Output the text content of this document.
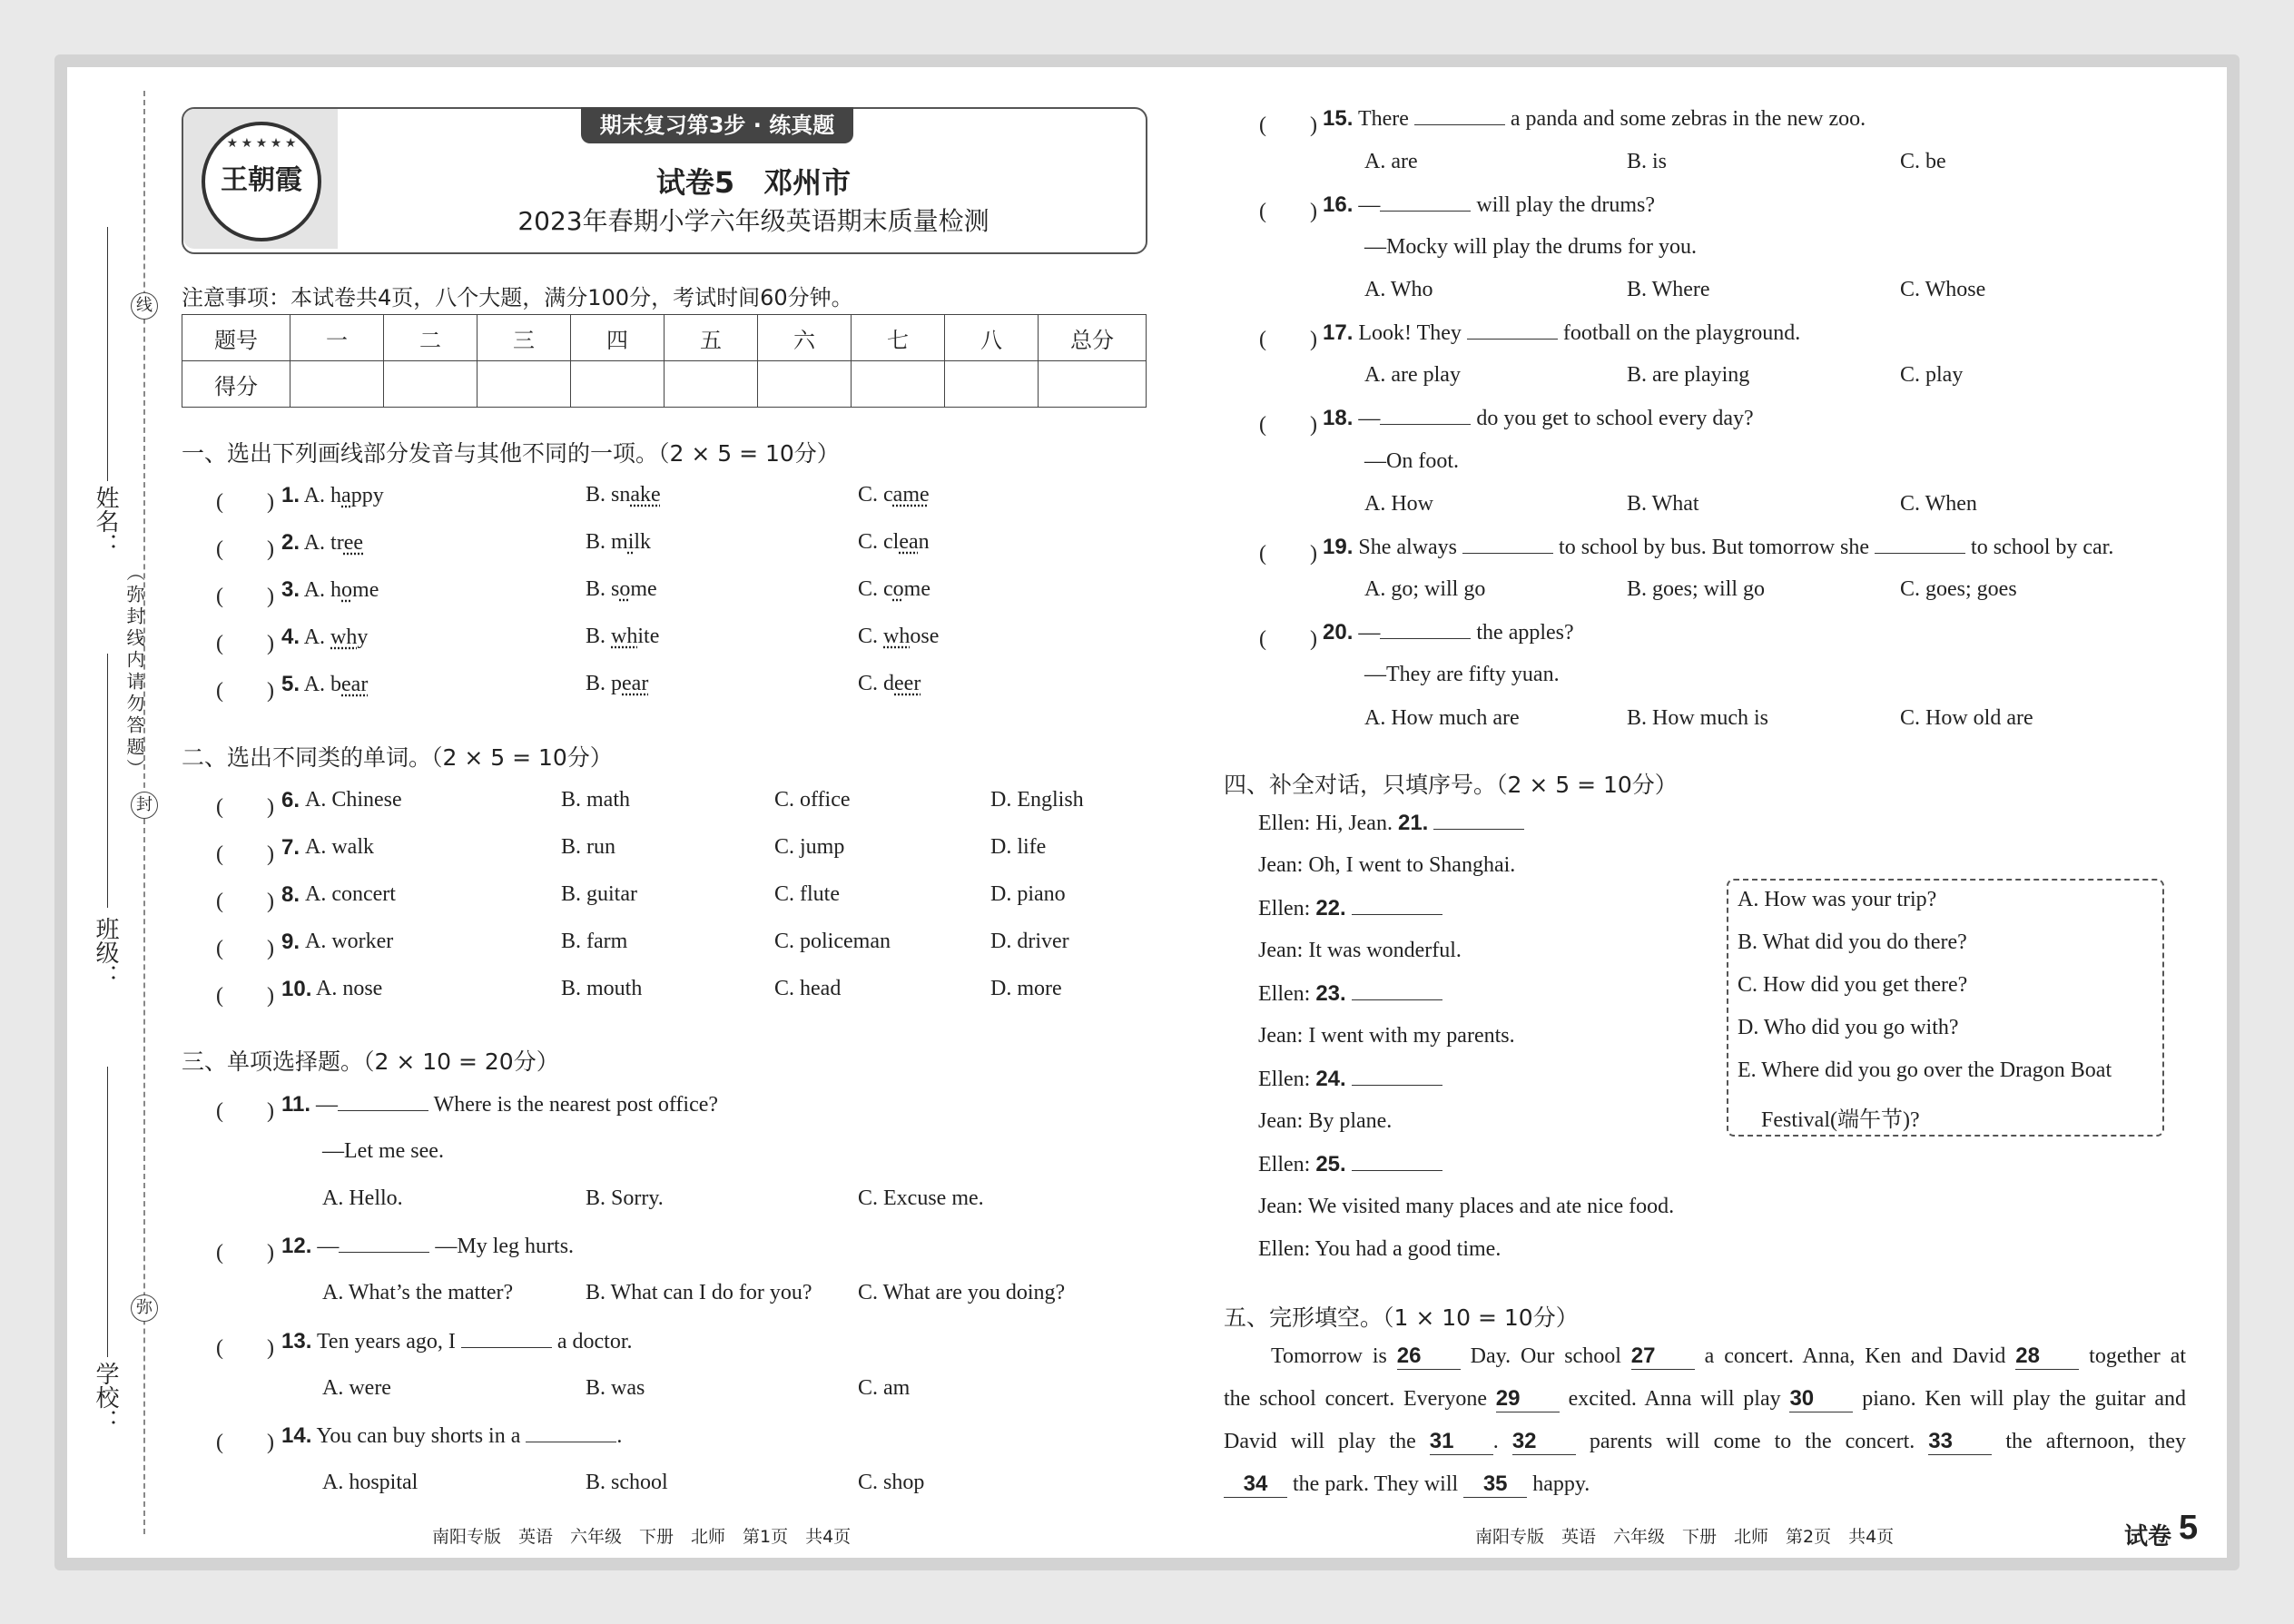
姓名：
班级：
学校：
（弥封线内请勿答题）
线
封
弥
★ ★ ★ ★ ★
王朝霞
期末复习第3步 · 练真题
试卷5　邓州市
2023年春期小学六年级英语期末质量检测
注意事项：本试卷共4页，八个大题，满分100分，考试时间60分钟。
题号	一	二	三	四	五	六	七	八	总分
得分									
一、选出下列画线部分发音与其他不同的一项。（2 × 5 = 10分）
(　　) 1. A. happy	B. snake	C. came
(　　) 2. A. tree	B. milk	C. clean
(　　) 3. A. home	B. some	C. come
(　　) 4. A. why	B. white	C. whose
(　　) 5. A. bear	B. pear	C. deer
二、选出不同类的单词。（2 × 5 = 10分）
(　　) 6. A. Chinese	B. math	C. office	D. English
(　　) 7. A. walk	B. run	C. jump	D. life
(　　) 8. A. concert	B. guitar	C. flute	D. piano
(　　) 9. A. worker	B. farm	C. policeman	D. driver
(　　) 10. A. nose	B. mouth	C. head	D. more
三、单项选择题。（2 × 10 = 20分）
(　　) 11. —	Where is the nearest post office?
—Let me see.
A. Hello.	B. Sorry.	C. Excuse me.
(　　) 12. —	—My leg hurts.
A. What’s the matter?	B. What can I do for you? C. What are you doing?
(　　) 13. Ten years ago, I	a doctor.
A. were	B. was	C. am
(　　) 14. You can buy shorts in a	.
A. hospital	B. school	C. shop
(　　) 15. There	a panda and some zebras in the new zoo.
A. are	B. is	C. be
(　　) 16. —	will play the drums?
—Mocky will play the drums for you.
A. Who	B. Where	C. Whose
(　　) 17. Look! They	football on the playground.
A. are play	B. are playing	C. play
(　　) 18. —	do you get to school every day?
—On foot.
A. How	B. What	C. When
(　　) 19. She always	to school by bus. But tomorrow she	to school by car.
A. go; will go	B. goes; will go	C. goes; goes
(　　) 20. —	the apples?
—They are fifty yuan.
A. How much are	B. How much is	C. How old are
四、补全对话，只填序号。（2 × 5 = 10分）
Ellen: Hi, Jean. 21.
Jean: Oh, I went to Shanghai.
Ellen: 22.
Jean: It was wonderful.
Ellen: 23.
Jean: I went with my parents.
Ellen: 24.
Jean: By plane.
Ellen: 25.
Jean: We visited many places and ate nice food.
Ellen: You had a good time.
A. How was your trip?
B. What did you do there?
C. How did you get there?
D. Who did you go with?
E. Where did you go over the Dragon Boat
Festival(端午节)?
五、完形填空。（1 × 10 = 10分）
Tomorrow is 26 Day. Our school 27 a concert. Anna, Ken and David 28 together at
the school concert. Everyone 29 excited. Anna will play 30 piano. Ken will play the guitar and
David will play the 31 . 32 parents will come to the concert. 33 the afternoon, they
34 the park. They will 35 happy.
南阳专版　英语　六年级　下册　北师　第1页　共4页	南阳专版　英语　六年级　下册　北师　第2页　共4页	试卷 5
